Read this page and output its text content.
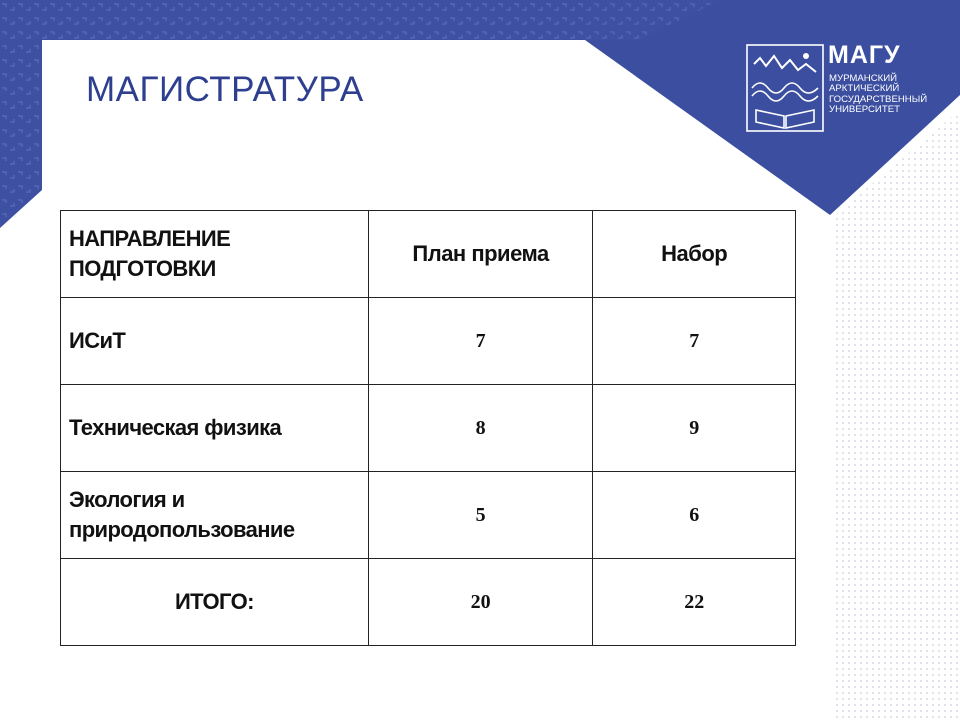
МАГИСТРАТУРА
МАГУ
МУРМАНСКИЙ
АРКТИЧЕСКИЙ
ГОСУДАРСТВЕННЫЙ
УНИВЕРСИТЕТ
НАПРАВЛЕНИЕ ПОДГОТОВКИ	План приема	Набор
ИСиТ	7	7
Техническая физика	8	9
Экология и природопользование	5	6
ИТОГО:	20	22
